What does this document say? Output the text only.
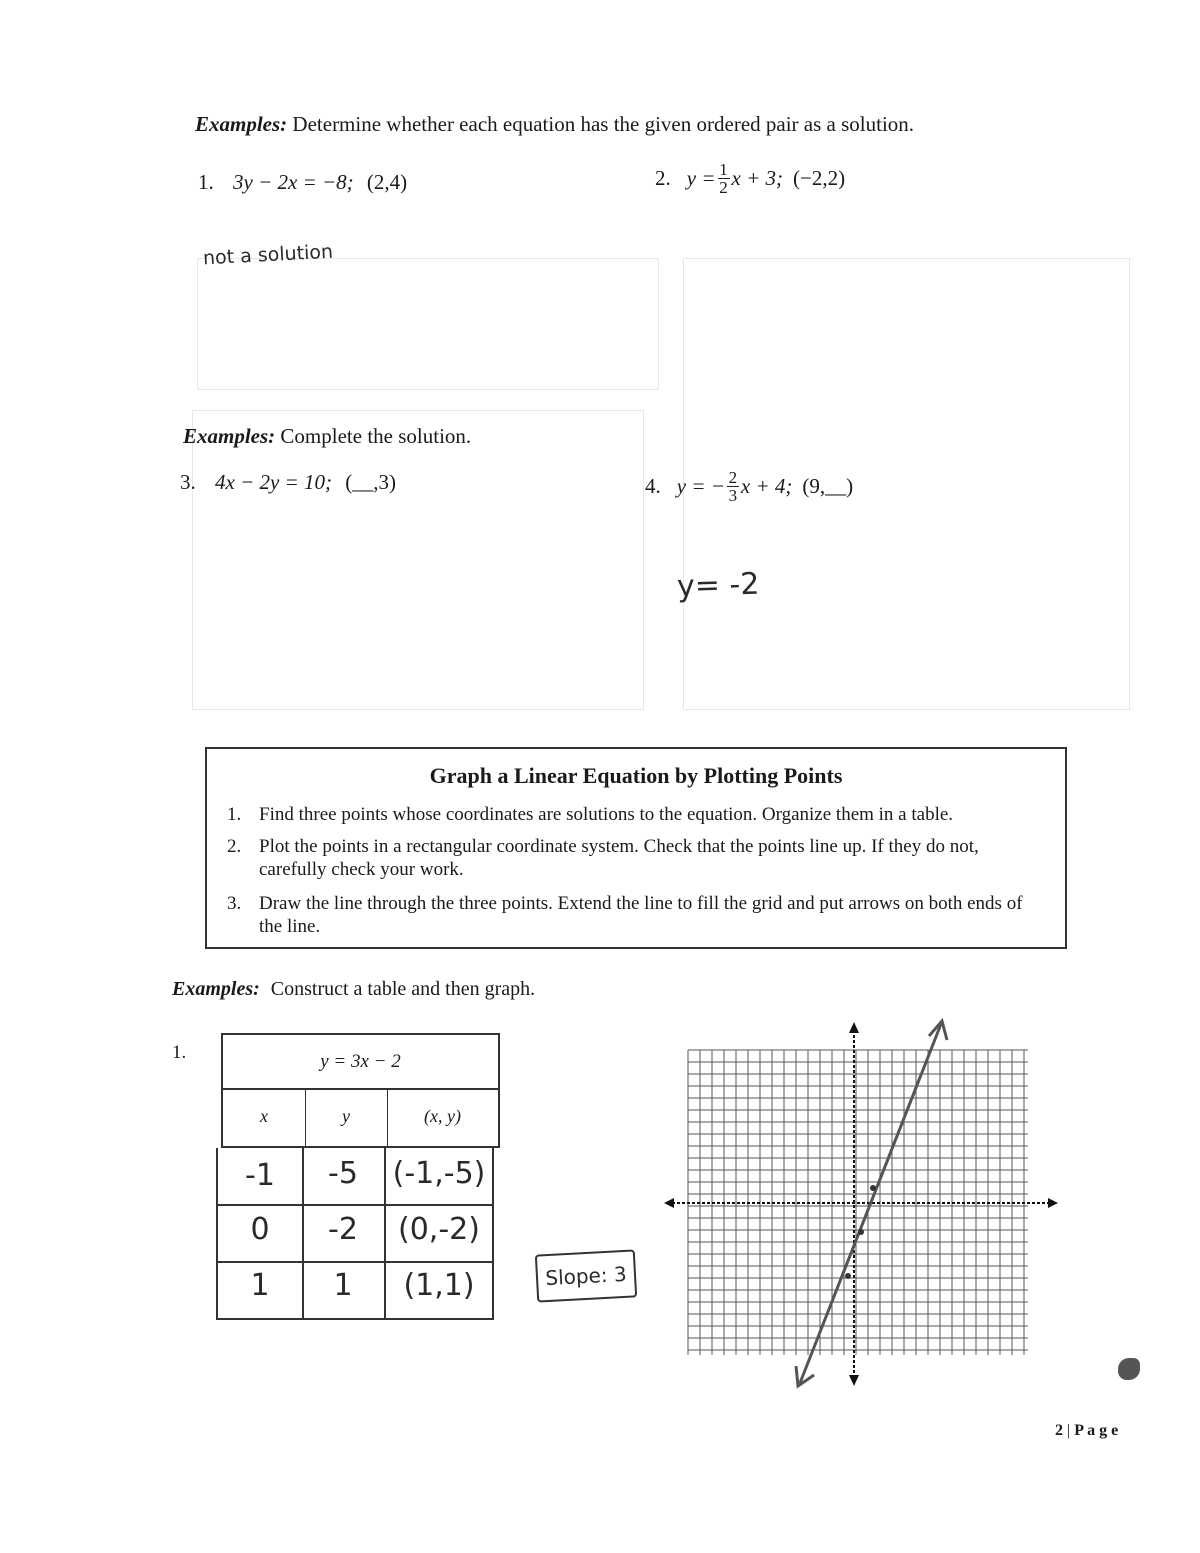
Examples: Determine whether each equation has the given ordered pair as a solution.
1. 3y − 2x = −8; (2,4)	2. $y = \frac{1}{2}$ x + 3; (−2,2)
not a solution
Examples: Complete the solution.
3. 4x − 2y = 10; (__,3)	4. y = − $\frac{2}{3}$ x + 4; (9,__)
y= -2
Graph a Linear Equation by Plotting Points
1. Find three points whose coordinates are solutions to the equation. Organize them in a table.
2. Plot the points in a rectangular coordinate system. Check that the points line up. If they do not, carefully check your work.
3. Draw the line through the three points. Extend the line to fill the grid and put arrows on both ends of the line.
Examples: Construct a table and then graph.
1.	y = 3x − 2
x	y	(x, y)
-1	-5	(-1,-5)
0	-2	(0,-2)
1	1	(1,1)	Slope: 3
2 | P a g e
